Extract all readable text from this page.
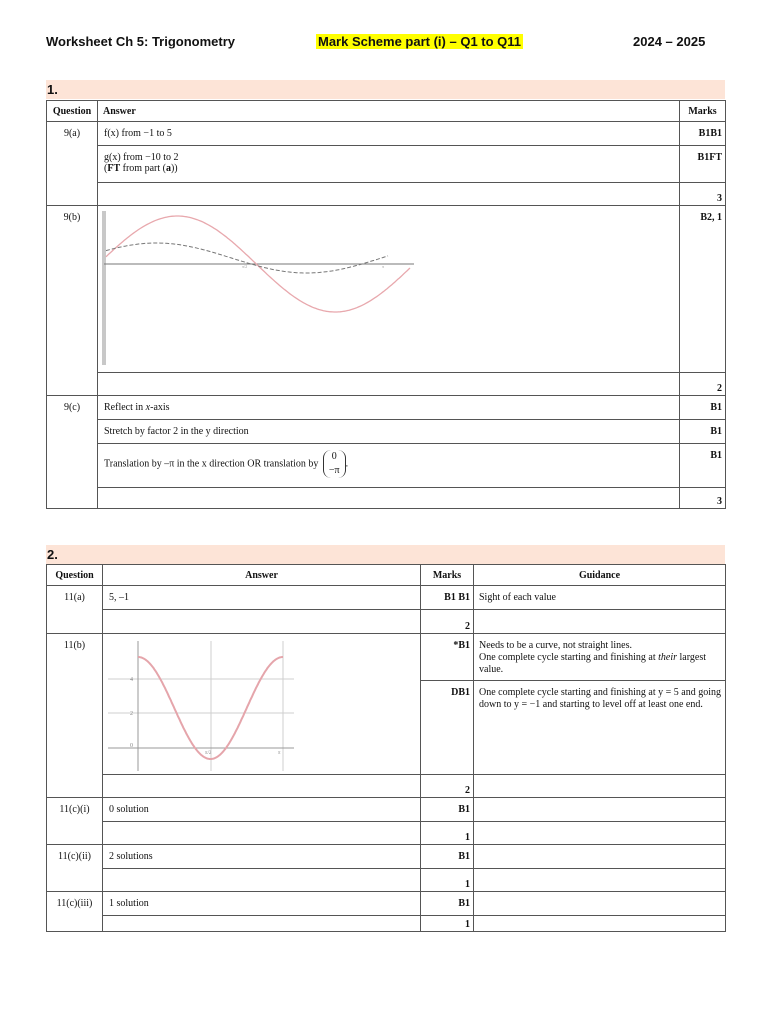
Worksheet Ch 5: Trigonometry	Mark Scheme part (i) – Q1 to Q11	2024 – 2025
1.
Question	Answer	Marks
9(a)	f(x) from −1 to 5	B1B1

	g(x) from −10 to 2
(FT from part (a))	B1FT
		3
9(b)	π/2 π	B2, 1
		2
9(c)	Reflect in x-axis	B1
	Stretch by factor 2 in the y direction	B1
	Translation by –π in the x direction OR translation by
0
−π
.	B1
		3
2.
Question	Answer	Marks	Guidance
11(a)	5, –1	B1 B1	Sight of each value
		2	
11(b)	4
2
0
π/2 π	*B1	Needs to be a curve, not straight lines.
One complete cycle starting and finishing at their largest value.
		DB1	One complete cycle starting and finishing at y = 5 and going down to y = −1 and starting to level off at least one end.
		2	
11(c)(i)	0 solution	B1	
		1	
11(c)(ii)	2 solutions	B1	
		1	
11(c)(iii)	1 solution	B1	
		1	
